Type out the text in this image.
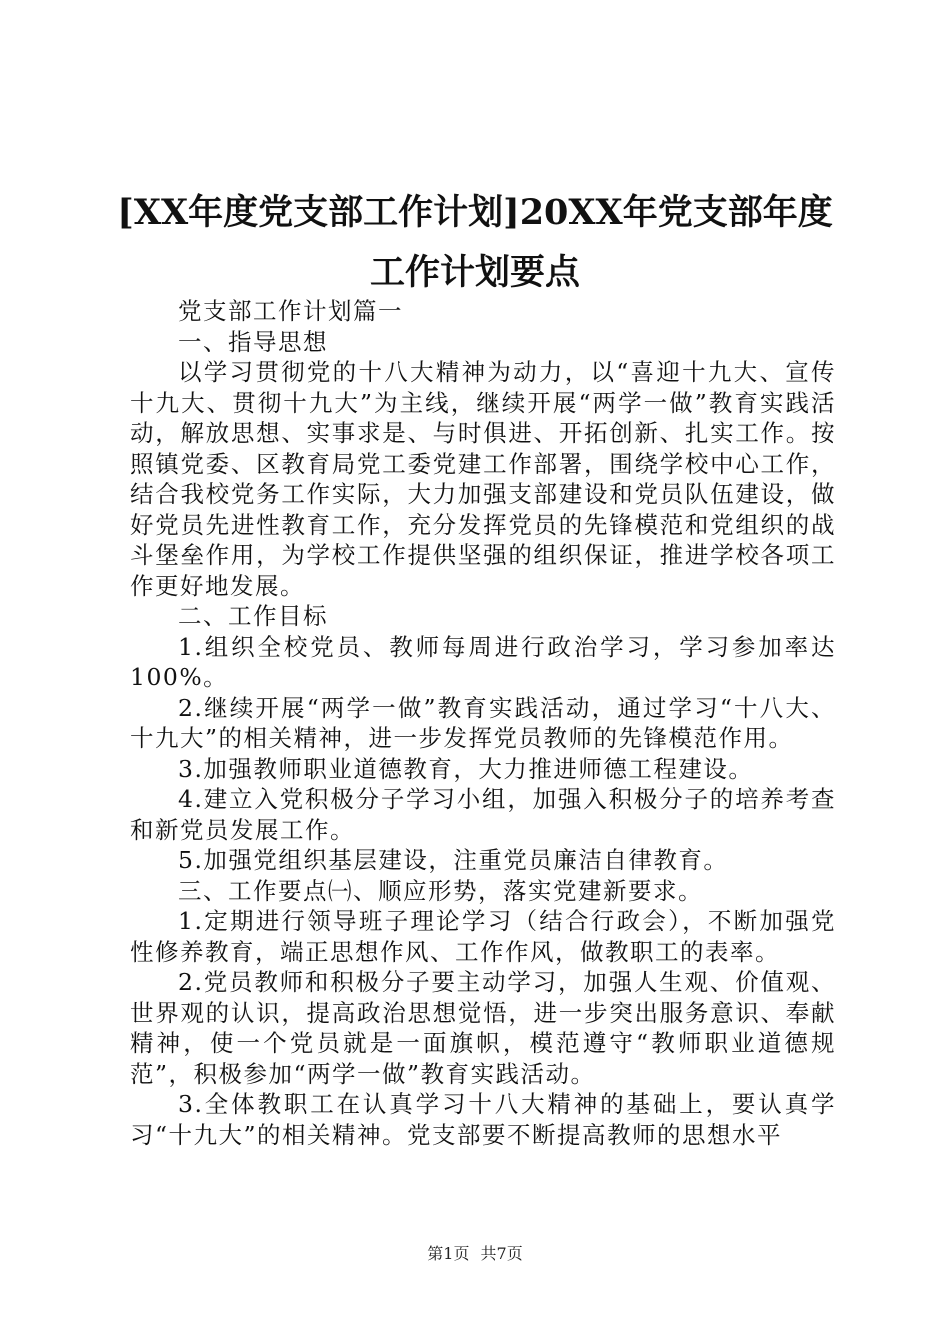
[XX年度党支部工作计划]20XX年党支部年度工作计划要点

党支部工作计划篇一

一、指导思想

以学习贯彻党的十八大精神为动力，以“喜迎十九大、宣传十九大、贯彻十九大”为主线，继续开展“两学一做”教育实践活动，解放思想、实事求是、与时俱进、开拓创新、扎实工作。按照镇党委、区教育局党工委党建工作部署，围绕学校中心工作，结合我校党务工作实际，大力加强支部建设和党员队伍建设，做好党员先进性教育工作，充分发挥党员的先锋模范和党组织的战斗堡垒作用，为学校工作提供坚强的组织保证，推进学校各项工作更好地发展。

二、工作目标

1.组织全校党员、教师每周进行政治学习，学习参加率达100%。

2.继续开展“两学一做”教育实践活动，通过学习“十八大、十九大”的相关精神，进一步发挥党员教师的先锋模范作用。

3.加强教师职业道德教育，大力推进师德工程建设。

4.建立入党积极分子学习小组，加强入积极分子的培养考查和新党员发展工作。

5.加强党组织基层建设，注重党员廉洁自律教育。

三、工作要点㈠、顺应形势，落实党建新要求。

1.定期进行领导班子理论学习（结合行政会），不断加强党性修养教育，端正思想作风、工作作风，做教职工的表率。

2.党员教师和积极分子要主动学习，加强人生观、价值观、世界观的认识，提高政治思想觉悟，进一步突出服务意识、奉献精神，使一个党员就是一面旗帜，模范遵守“教师职业道德规范”，积极参加“两学一做”教育实践活动。

3.全体教职工在认真学习十八大精神的基础上，要认真学习“十九大”的相关精神。党支部要不断提高教师的思想水平

第1页 共7页
